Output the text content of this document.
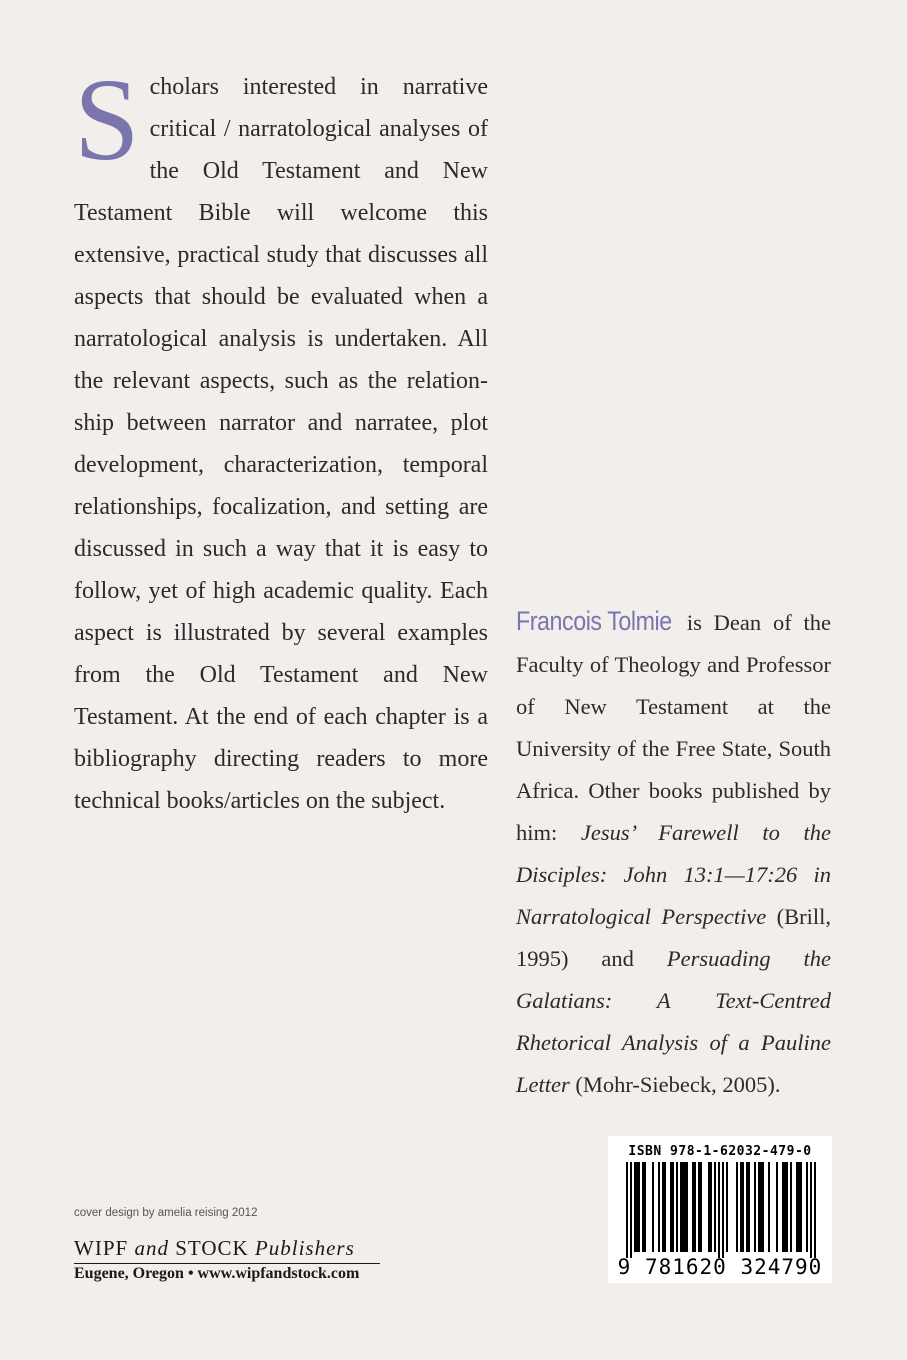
Scholars interested in narrative critical / narratological analyses of the Old Testament and New Testament Bible will welcome this extensive, practical study that discusses all aspects that should be evaluated when a narratological analysis is undertaken. All the relevant aspects, such as the relationship between narrator and narratee, plot development, characterization, temporal relationships, focalization, and setting are discussed in such a way that it is easy to follow, yet of high academic quality. Each aspect is illustrated by several examples from the Old Testament and New Testament. At the end of each chapter is a bibliography directing readers to more technical books/articles on the subject.
Francois Tolmie is Dean of the Faculty of Theology and Professor of New Testament at the University of the Free State, South Africa. Other books published by him: Jesus’ Farewell to the Disciples: John 13:1—17:26 in Narratological Perspective (Brill, 1995) and Persuading the Galatians: A Text-Centred Rhetorical Analysis of a Pauline Letter (Mohr-Siebeck, 2005).
cover design by amelia reising 2012
WIPF and STOCK Publishers
Eugene, Oregon • www.wipfandstock.com
ISBN 978-1-62032-479-0
9 781620 324790
